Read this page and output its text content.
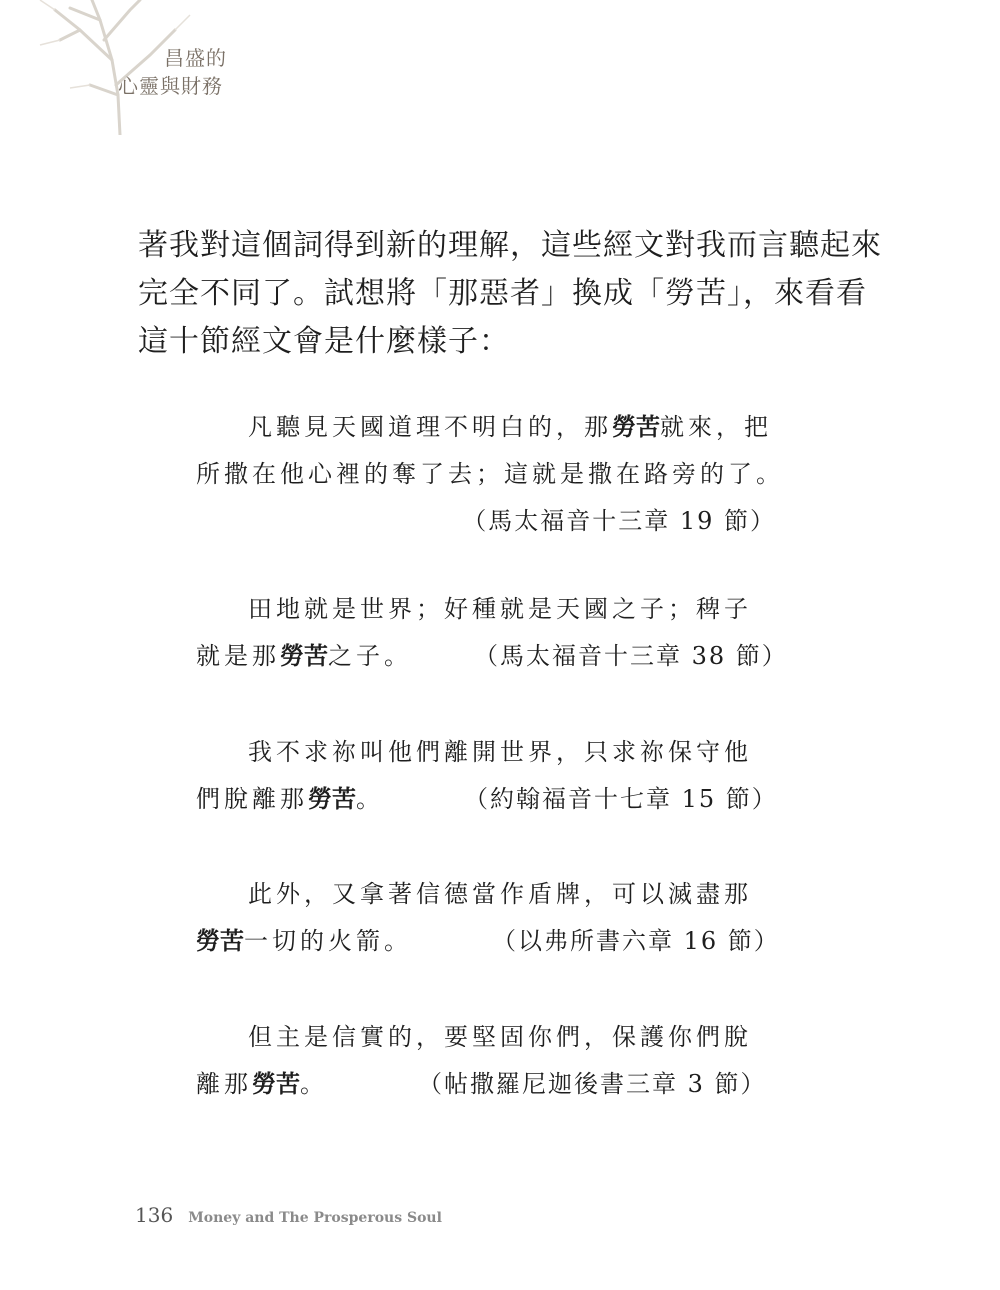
昌盛的
心靈與財務

著我對這個詞得到新的理解，這些經文對我而言聽起來

完全不同了。試想將「那惡者」換成「勞苦」，來看看

這十節經文會是什麼樣子：

凡聽見天國道理不明白的，那勞苦就來，把

所撒在他心裡的奪了去；這就是撒在路旁的了。

（馬太福音十三章 19 節）

田地就是世界；好種就是天國之子；稗子

就是那勞苦之子。	（馬太福音十三章 38 節）

我不求祢叫他們離開世界，只求祢保守他

們脫離那勞苦。	（約翰福音十七章 15 節）

此外，又拿著信德當作盾牌，可以滅盡那

勞苦一切的火箭。	（以弗所書六章 16 節）

但主是信實的，要堅固你們，保護你們脫

離那勞苦。	（帖撒羅尼迦後書三章 3 節）

136 Money and The Prosperous Soul
